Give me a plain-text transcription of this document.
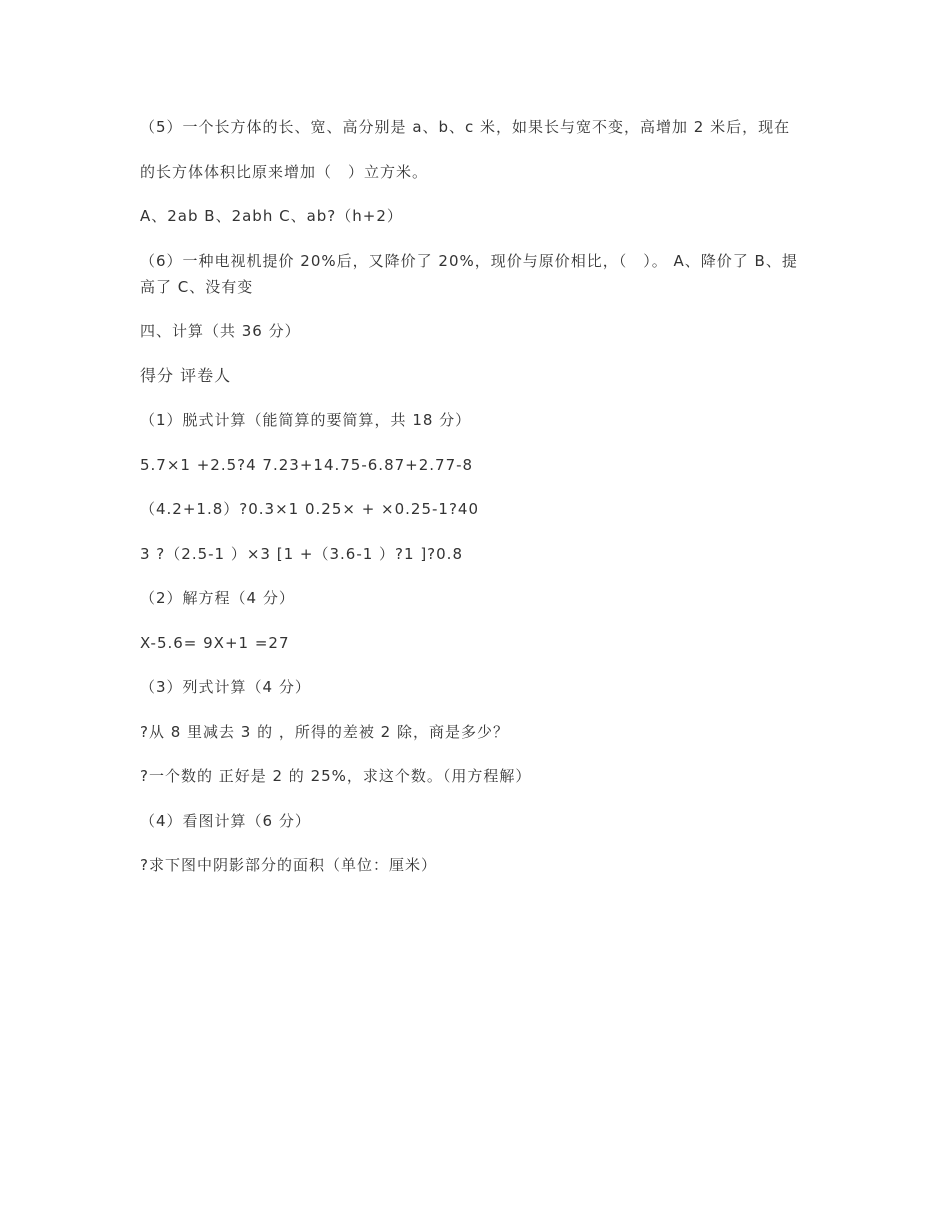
（5）一个长方体的长、宽、高分别是 a、b、c 米，如果长与宽不变，高增加 2 米后，现在

的长方体体积比原来增加（　）立方米。

A、2ab B、2abh C、ab?（h+2）

（6）一种电视机提价 20%后，又降价了 20%，现价与原价相比，（　）。 A、降价了 B、提高了 C、没有变

四、计算（共 36 分）

得分 评卷人

（1）脱式计算（能简算的要简算，共 18 分）

5.7×1 +2.5?4 7.23+14.75-6.87+2.77-8

（4.2+1.8）?0.3×1 0.25× + ×0.25-1?40

3 ?（2.5-1 ）×3 [1 +（3.6-1 ）?1 ]?0.8

（2）解方程（4 分）

X-5.6= 9X+1 =27

（3）列式计算（4 分）

?从 8 里减去 3 的 ，所得的差被 2 除，商是多少？

?一个数的 正好是 2 的 25%，求这个数。（用方程解）

（4）看图计算（6 分）

?求下图中阴影部分的面积（单位：厘米）
